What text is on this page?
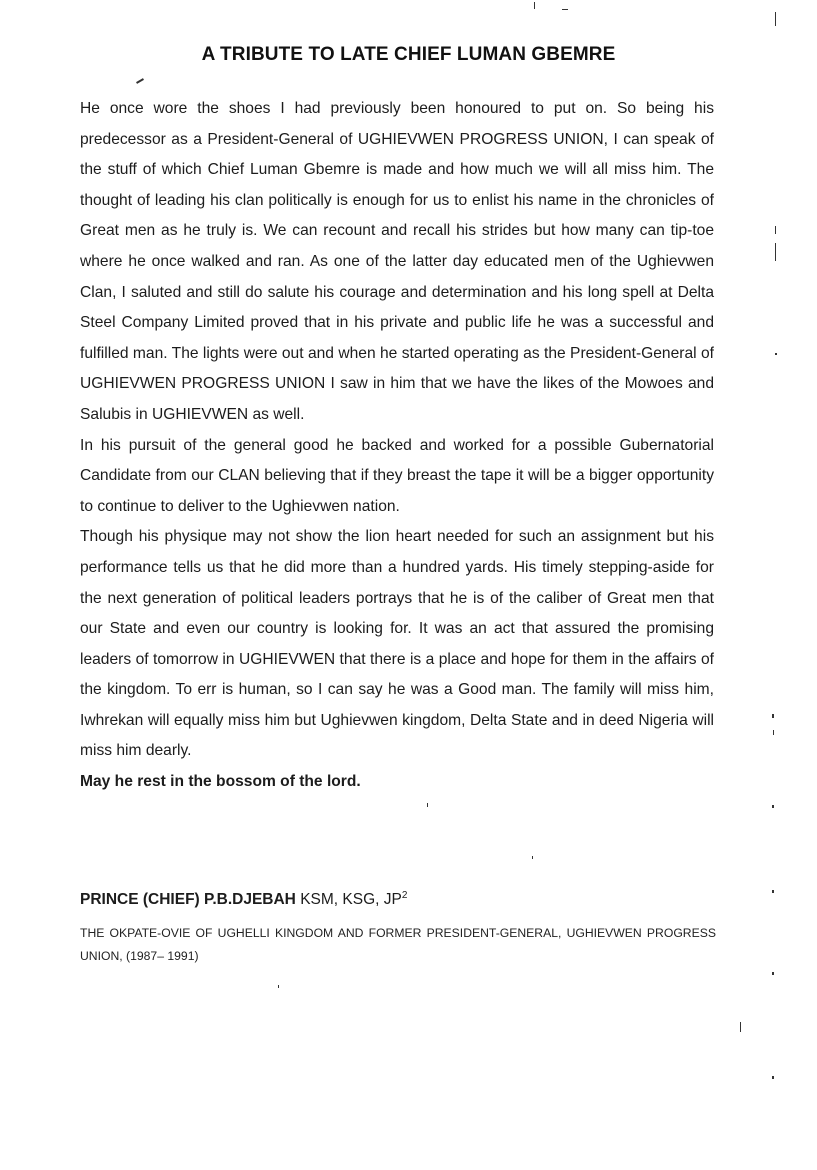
A TRIBUTE TO LATE CHIEF LUMAN GBEMRE

He once wore the shoes I had previously been honoured to put on. So being his predecessor as a President-General of UGHIEVWEN PROGRESS UNION, I can speak of the stuff of which Chief Luman Gbemre is made and how much we will all miss him. The thought of leading his clan politically is enough for us to enlist his name in the chronicles of Great men as he truly is. We can recount and recall his strides but how many can tip-toe where he once walked and ran. As one of the latter day educated men of the Ughievwen Clan, I saluted and still do salute his courage and determination and his long spell at Delta Steel Company Limited proved that in his private and public life he was a successful and fulfilled man. The lights were out and when he started operating as the President-General of UGHIEVWEN PROGRESS UNION I saw in him that we have the likes of the Mowoes and Salubis in UGHIEVWEN as well.

In his pursuit of the general good he backed and worked for a possible Gubernatorial Candidate from our CLAN believing that if they breast the tape it will be a bigger opportunity to continue to deliver to the Ughievwen nation.

Though his physique may not show the lion heart needed for such an assignment but his performance tells us that he did more than a hundred yards. His timely stepping-aside for the next generation of political leaders portrays that he is of the caliber of Great men that our State and even our country is looking for. It was an act that assured the promising leaders of tomorrow in UGHIEVWEN that there is a place and hope for them in the affairs of the kingdom. To err is human, so I can say he was a Good man. The family will miss him, Iwhrekan will equally miss him but Ughievwen kingdom, Delta State and in deed Nigeria will miss him dearly.

May he rest in the bossom of the lord.

PRINCE (CHIEF) P.B.DJEBAH KSM, KSG, $JP^2$
THE OKPATE-OVIE OF UGHELLI KINGDOM AND FORMER PRESIDENT-GENERAL, UGHIEVWEN PROGRESS UNION, (1987– 1991)
